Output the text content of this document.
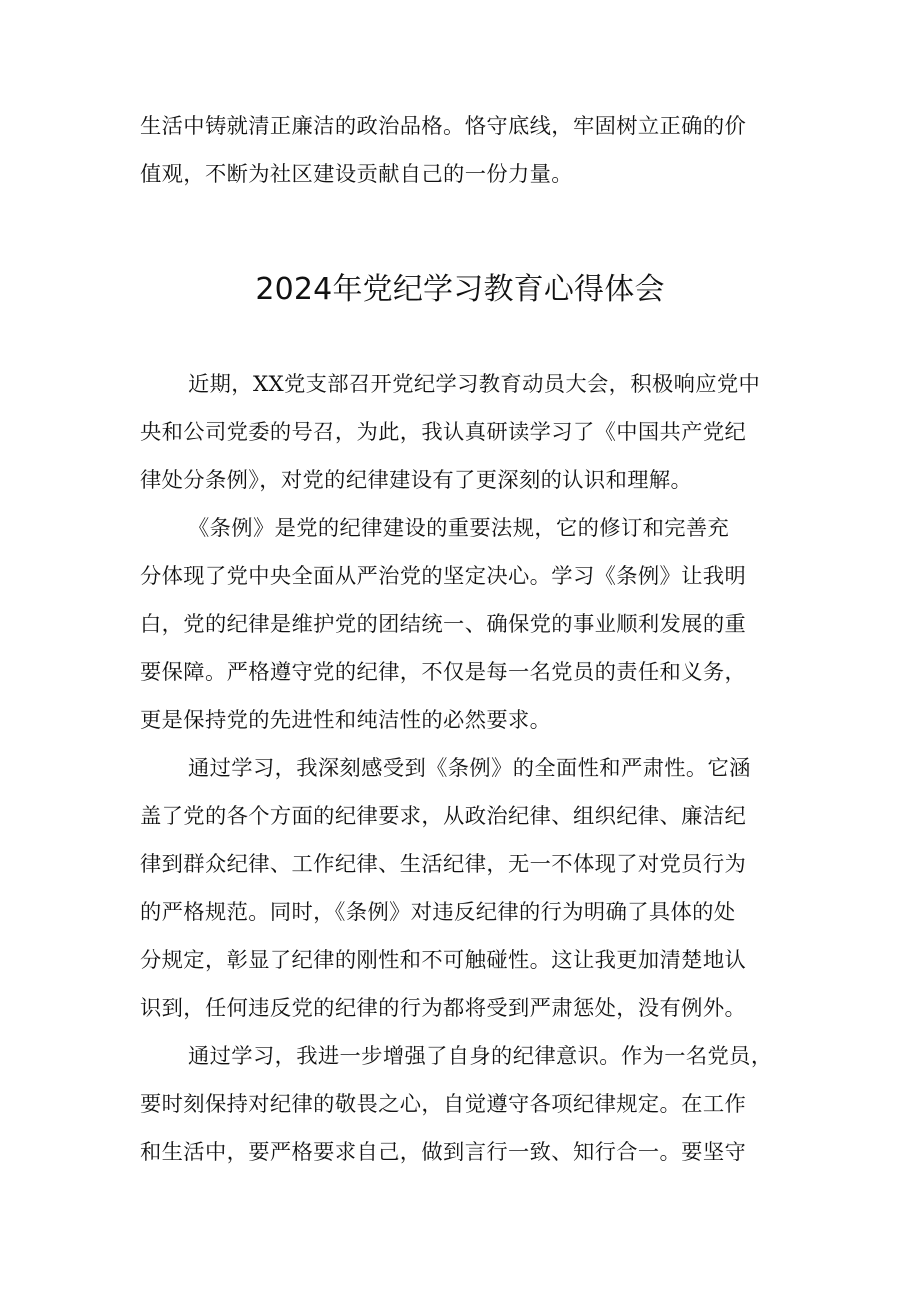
生活中铸就清正廉洁的政治品格。恪守底线，牢固树立正确的价
值观，不断为社区建设贡献自己的一份力量。
2024年党纪学习教育心得体会
近期，XX党支部召开党纪学习教育动员大会，积极响应党中
央和公司党委的号召，为此，我认真研读学习了《中国共产党纪
律处分条例》，对党的纪律建设有了更深刻的认识和理解。
《条例》是党的纪律建设的重要法规，它的修订和完善充
分体现了党中央全面从严治党的坚定决心。学习《条例》让我明
白，党的纪律是维护党的团结统一、确保党的事业顺利发展的重
要保障。严格遵守党的纪律，不仅是每一名党员的责任和义务，
更是保持党的先进性和纯洁性的必然要求。
通过学习，我深刻感受到《条例》的全面性和严肃性。它涵
盖了党的各个方面的纪律要求，从政治纪律、组织纪律、廉洁纪
律到群众纪律、工作纪律、生活纪律，无一不体现了对党员行为
的严格规范。同时，《条例》对违反纪律的行为明确了具体的处
分规定，彰显了纪律的刚性和不可触碰性。这让我更加清楚地认
识到，任何违反党的纪律的行为都将受到严肃惩处，没有例外。
通过学习，我进一步增强了自身的纪律意识。作为一名党员，
要时刻保持对纪律的敬畏之心，自觉遵守各项纪律规定。在工作
和生活中，要严格要求自己，做到言行一致、知行合一。要坚守
